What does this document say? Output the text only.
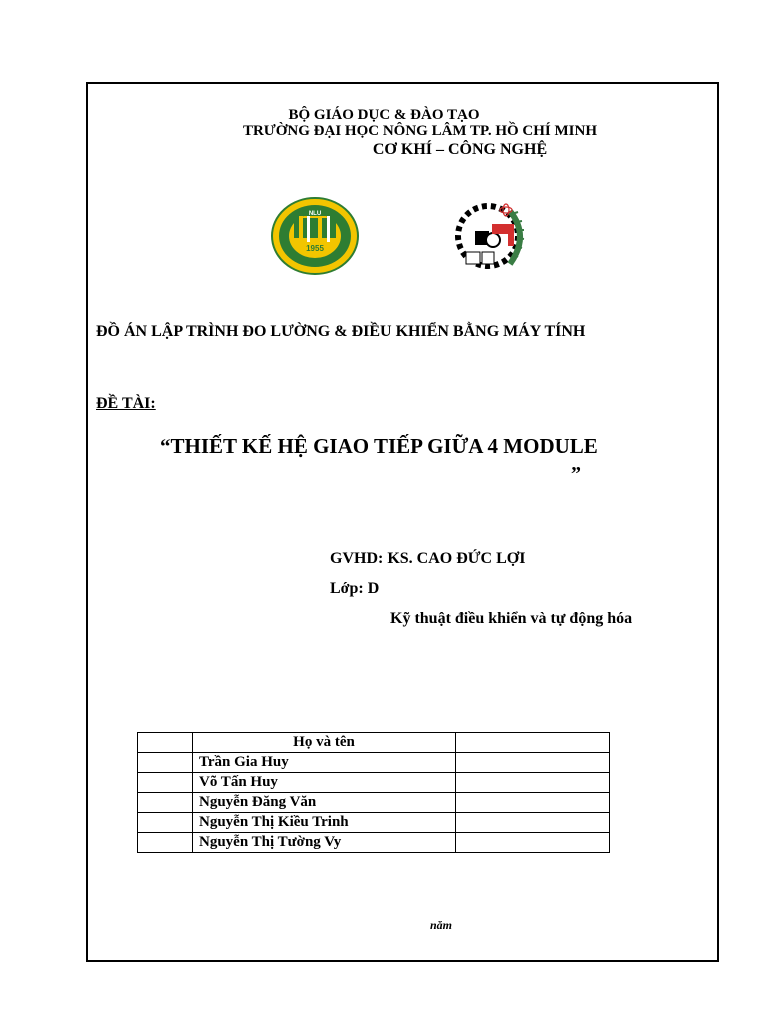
BỘ GIÁO DỤC & ĐÀO TẠO
TRƯỜNG ĐẠI HỌC NÔNG LÂM TP. HỒ CHÍ MINH
CƠ KHÍ – CÔNG NGHỆ
NLU
1955
ĐỒ ÁN LẬP TRÌNH ĐO LƯỜNG & ĐIỀU KHIỂN BẰNG MÁY TÍNH
ĐỀ TÀI:
“THIẾT KẾ HỆ GIAO TIẾP GIỮA 4 MODULE
”
GVHD: KS. CAO ĐỨC LỢI
Lớp: D
Kỹ thuật điều khiển và tự động hóa
	Họ và tên	
	Trần Gia Huy	
	Võ Tấn Huy	
	Nguyễn Đăng Văn	
	Nguyễn Thị Kiều Trinh	
	Nguyễn Thị Tường Vy	
năm
